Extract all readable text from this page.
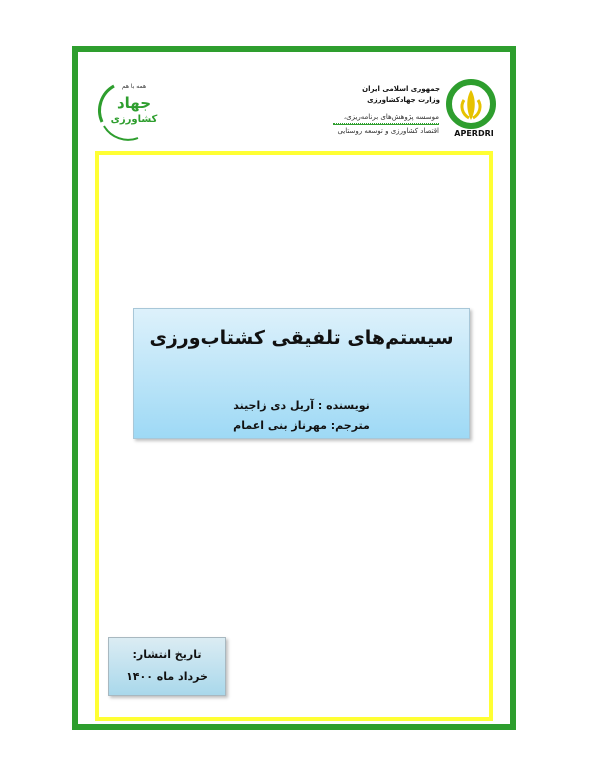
همه با هم
جهاد
کشاورزی
جمهوری اسلامی ایران
وزارت جهادکشاورزی
موسسه پژوهش‌های برنامه‌ریزی،
اقتصاد کشاورزی و توسعه روستایی APERDRI
سیستم‌های تلفیقی کشتاب‌ورزی
نویسنده : آریل دی زاجیند
مترجم: مهرناز بنی اعمام
تاریخ انتشار:
خرداد ماه ۱۴۰۰
